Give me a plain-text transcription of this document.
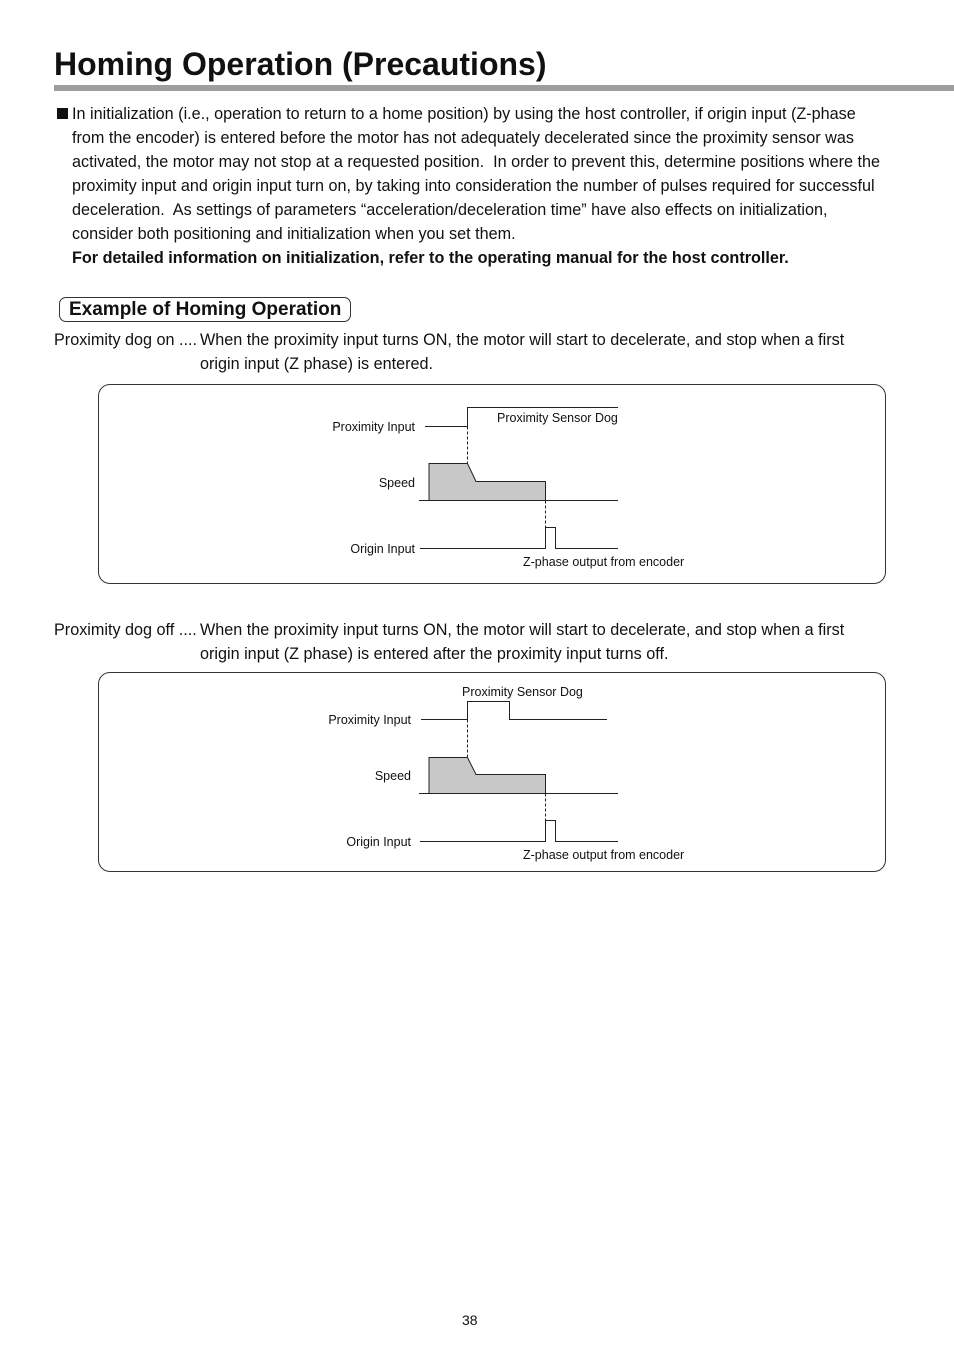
Homing Operation (Precautions)
In initialization (i.e., operation to return to a home position) by using the host controller, if origin input (Z-phase
from the encoder) is entered before the motor has not adequately decelerated since the proximity sensor was
activated, the motor may not stop at a requested position.  In order to prevent this, determine positions where the
proximity input and origin input turn on, by taking into consideration the number of pulses required for successful
deceleration.  As settings of parameters “acceleration/deceleration time” have also effects on initialization,
consider both positioning and initialization when you set them.
For detailed information on initialization, refer to the operating manual for the host controller.
Example of Homing Operation
Proximity dog on .... When the proximity input turns ON, the motor will start to decelerate, and stop when a first
origin input (Z phase) is entered.
Proximity Sensor Dog
Proximity Input
Speed
Origin Input
Z-phase output from encoder
Proximity dog off .... When the proximity input turns ON, the motor will start to decelerate, and stop when a first
origin input (Z phase) is entered after the proximity input turns off.
Proximity Sensor Dog
Proximity Input
Speed
Origin Input
Z-phase output from encoder
38
